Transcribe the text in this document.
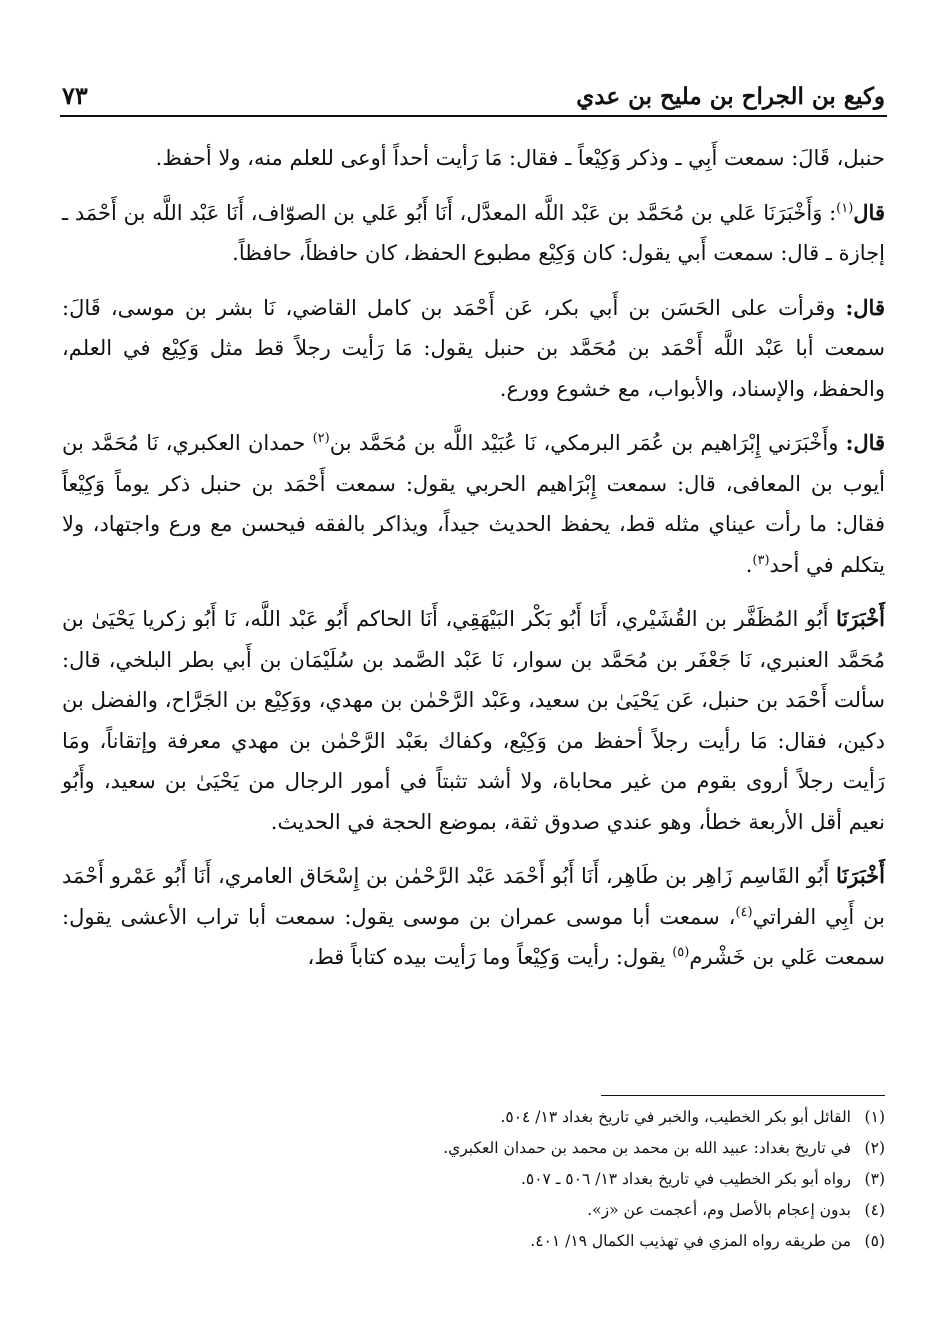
وكيع بن الجراح بن مليح بن عدي
٧٣

حنبل، قَالَ: سمعت أَبِي ـ وذكر وَكِيْعاً ـ فقال: مَا رَأيت أحداً أوعى للعلم منه، ولا أحفظ.

قال$^{(١)}$: وَأَخْبَرَنَا عَلي بن مُحَمَّد بن عَبْد اللَّه المعدَّل، أَنَا أَبُو عَلي بن الصوّاف، أَنَا عَبْد اللَّه بن أَحْمَد ـ إجازة ـ قال: سمعت أَبي يقول: كان وَكِيْع مطبوع الحفظ، كان حافظاً، حافظاً.

قال: وقرأت على الحَسَن بن أَبي بكر، عَن أَحْمَد بن كامل القاضي، نَا بشر بن موسى، قَالَ: سمعت أبا عَبْد اللَّه أَحْمَد بن مُحَمَّد بن حنبل يقول: مَا رَأيت رجلاً قط مثل وَكِيْع في العلم، والحفظ، والإسناد، والأبواب، مع خشوع وورع.

قال: وأَخْبَرَني إِبْرَاهيم بن عُمَر البرمكي، نَا عُبَيْد اللَّه بن مُحَمَّد بن$^{(٢)}$ حمدان العكبري، نَا مُحَمَّد بن أيوب بن المعافى، قال: سمعت إِبْرَاهيم الحربي يقول: سمعت أَحْمَد بن حنبل ذكر يوماً وَكِيْعاً فقال: ما رأت عيناي مثله قط، يحفظ الحديث جيداً، ويذاكر بالفقه فيحسن مع ورع واجتهاد، ولا يتكلم في أحد$^{(٣)}$.

أَخْبَرَنَا أَبُو المُظَفَّر بن القُشَيْري، أَنَا أَبُو بَكْر البَيْهَقِي، أَنَا الحاكم أَبُو عَبْد اللَّه، نَا أَبُو زكريا يَحْيَىٰ بن مُحَمَّد العنبري، نَا جَعْفَر بن مُحَمَّد بن سوار، نَا عَبْد الصَّمد بن سُلَيْمَان بن أَبي بطر البلخي، قال: سألت أَحْمَد بن حنبل، عَن يَحْيَىٰ بن سعيد، وعَبْد الرَّحْمٰن بن مهدي، ووَكِيْع بن الجَرَّاح، والفضل بن دكين، فقال: مَا رأيت رجلاً أحفظ من وَكِيْع، وكفاك بعَبْد الرَّحْمٰن بن مهدي معرفة وإتقاناً، ومَا رَأيت رجلاً أروى بقوم من غير محاباة، ولا أشد تثبتاً في أمور الرجال من يَحْيَىٰ بن سعيد، وأَبُو نعيم أقل الأربعة خطأ، وهو عندي صدوق ثقة، بموضع الحجة في الحديث.

أَخْبَرَنَا أَبُو القَاسِم زَاهِر بن طَاهِر، أَنَا أَبُو أَحْمَد عَبْد الرَّحْمٰن بن إِسْحَاق العامري، أَنَا أَبُو عَمْرو أَحْمَد بن أَبِي الفراتي$^{(٤)}$، سمعت أبا موسى عمران بن موسى يقول: سمعت أبا تراب الأعشى يقول: سمعت عَلي بن خَشْرم$^{(٥)}$ يقول: رأيت وَكِيْعاً وما رَأيت بيده كتاباً قط،

(١)
القائل أبو بكر الخطيب، والخبر في تاريخ بغداد ١٣/ ٥٠٤.
(٢)
في تاريخ بغداد: عبيد الله بن محمد بن محمد بن حمدان العكبري.
(٣)
رواه أبو بكر الخطيب في تاريخ بغداد ١٣/ ٥٠٦ ـ ٥٠٧.
(٤)
بدون إعجام بالأصل وم، أعجمت عن «ز».
(٥)
من طريقه رواه المزي في تهذيب الكمال ١٩/ ٤٠١.
